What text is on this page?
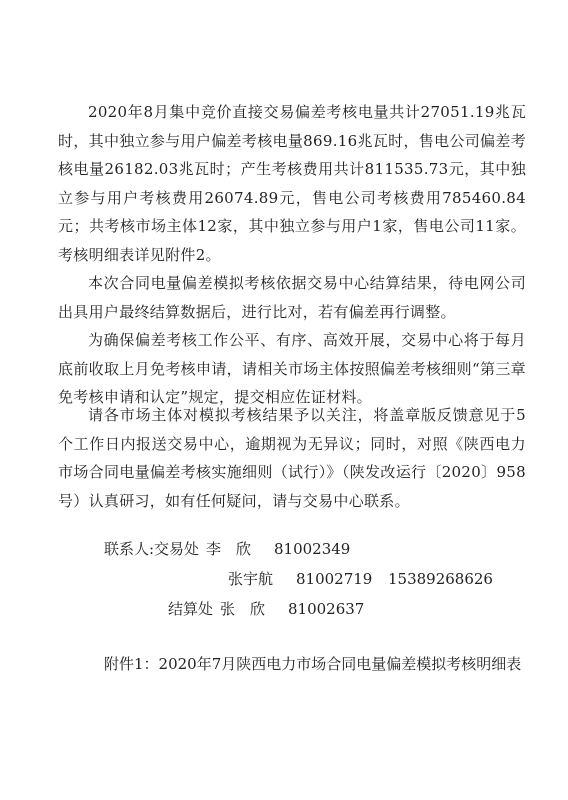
2020年8月集中竞价直接交易偏差考核电量共计27051.19兆瓦时，其中独立参与用户偏差考核电量869.16兆瓦时，售电公司偏差考核电量26182.03兆瓦时；产生考核费用共计811535.73元，其中独立参与用户考核费用26074.89元，售电公司考核费用785460.84元；共考核市场主体12家，其中独立参与用户1家，售电公司11家。考核明细表详见附件2。

本次合同电量偏差模拟考核依据交易中心结算结果，待电网公司出具用户最终结算数据后，进行比对，若有偏差再行调整。

为确保偏差考核工作公平、有序、高效开展，交易中心将于每月底前收取上月免考核申请，请相关市场主体按照偏差考核细则“第三章 免考核申请和认定”规定，提交相应佐证材料。

请各市场主体对模拟考核结果予以关注，将盖章版反馈意见于5个工作日内报送交易中心，逾期视为无异议；同时，对照《陕西电力市场合同电量偏差考核实施细则（试行）》（陕发改运行〔2020〕958号）认真研习，如有任何疑问，请与交易中心联系。

联系人:交易处 李　欣 81002349
张宇航 81002719 15389268626
结算处 张　欣 81002637

附件1：2020年7月陕西电力市场合同电量偏差模拟考核明细表
